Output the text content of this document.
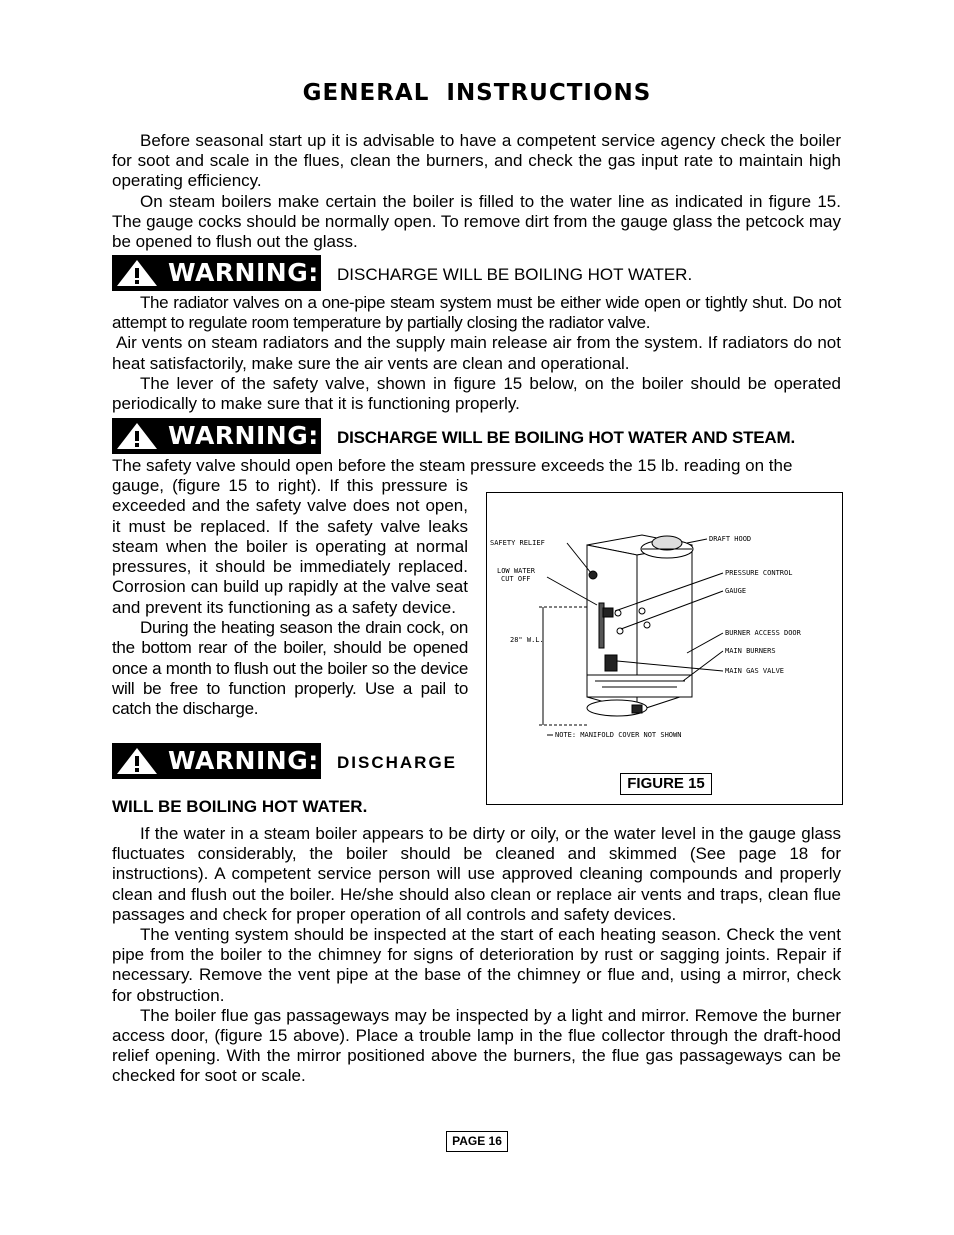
GENERAL INSTRUCTIONS

Before seasonal start up it is advisable to have a competent service agency check the boiler for soot and scale in the flues, clean the burners, and check the gas input rate to maintain high operating efficiency.

On steam boilers make certain the boiler is filled to the water line as indicated in figure 15. The gauge cocks should be normally open. To remove dirt from the gauge glass the petcock may be opened to flush out the glass.

WARNING: DISCHARGE WILL BE BOILING HOT WATER.

The radiator valves on a one-pipe steam system must be either wide open or tightly shut. Do not attempt to regulate room temperature by partially closing the radiator valve.

Air vents on steam radiators and the supply main release air from the system. If radiators do not heat satisfactorily, make sure the air vents are clean and operational.

The lever of the safety valve, shown in figure 15 below, on the boiler should be operated periodically to make sure that it is functioning properly.

WARNING: DISCHARGE WILL BE BOILING HOT WATER AND STEAM.

The safety valve should open before the steam pressure exceeds the 15 lb. reading on the

gauge, (figure 15 to right). If this pressure is exceeded and the safety valve does not open, it must be replaced. If the safety valve leaks steam when the boiler is operating at normal pressures, it should be immediately replaced. Corrosion can build up rapidly at the valve seat and prevent its functioning as a safety device.

During the heating season the drain cock, on the bottom rear of the boiler, should be opened once a month to flush out the boiler so the device will be free to function properly. Use a pail to catch the discharge.

WARNING: DISCHARGE
WILL BE BOILING HOT WATER.
28" W.L.
SAFETY RELIEF
LOW WATER
CUT OFF
DRAFT HOOD
PRESSURE CONTROL
GAUGE
BURNER ACCESS DOOR
MAIN BURNERS
MAIN GAS VALVE
NOTE: MANIFOLD COVER NOT SHOWN
FIGURE 15

If the water in a steam boiler appears to be dirty or oily, or the water level in the gauge glass fluctuates considerably, the boiler should be cleaned and skimmed (See page 18 for instructions). A competent service person will use approved cleaning compounds and properly clean and flush out the boiler. He/she should also clean or replace air vents and traps, clean flue passages and check for proper operation of all controls and safety devices.

The venting system should be inspected at the start of each heating season. Check the vent pipe from the boiler to the chimney for signs of deterioration by rust or sagging joints. Repair if necessary. Remove the vent pipe at the base of the chimney or flue and, using a mirror, check for obstruction.

The boiler flue gas passageways may be inspected by a light and mirror. Remove the burner access door, (figure 15 above). Place a trouble lamp in the flue collector through the draft-hood relief opening. With the mirror positioned above the burners, the flue gas passageways can be checked for soot or scale.

PAGE 16
